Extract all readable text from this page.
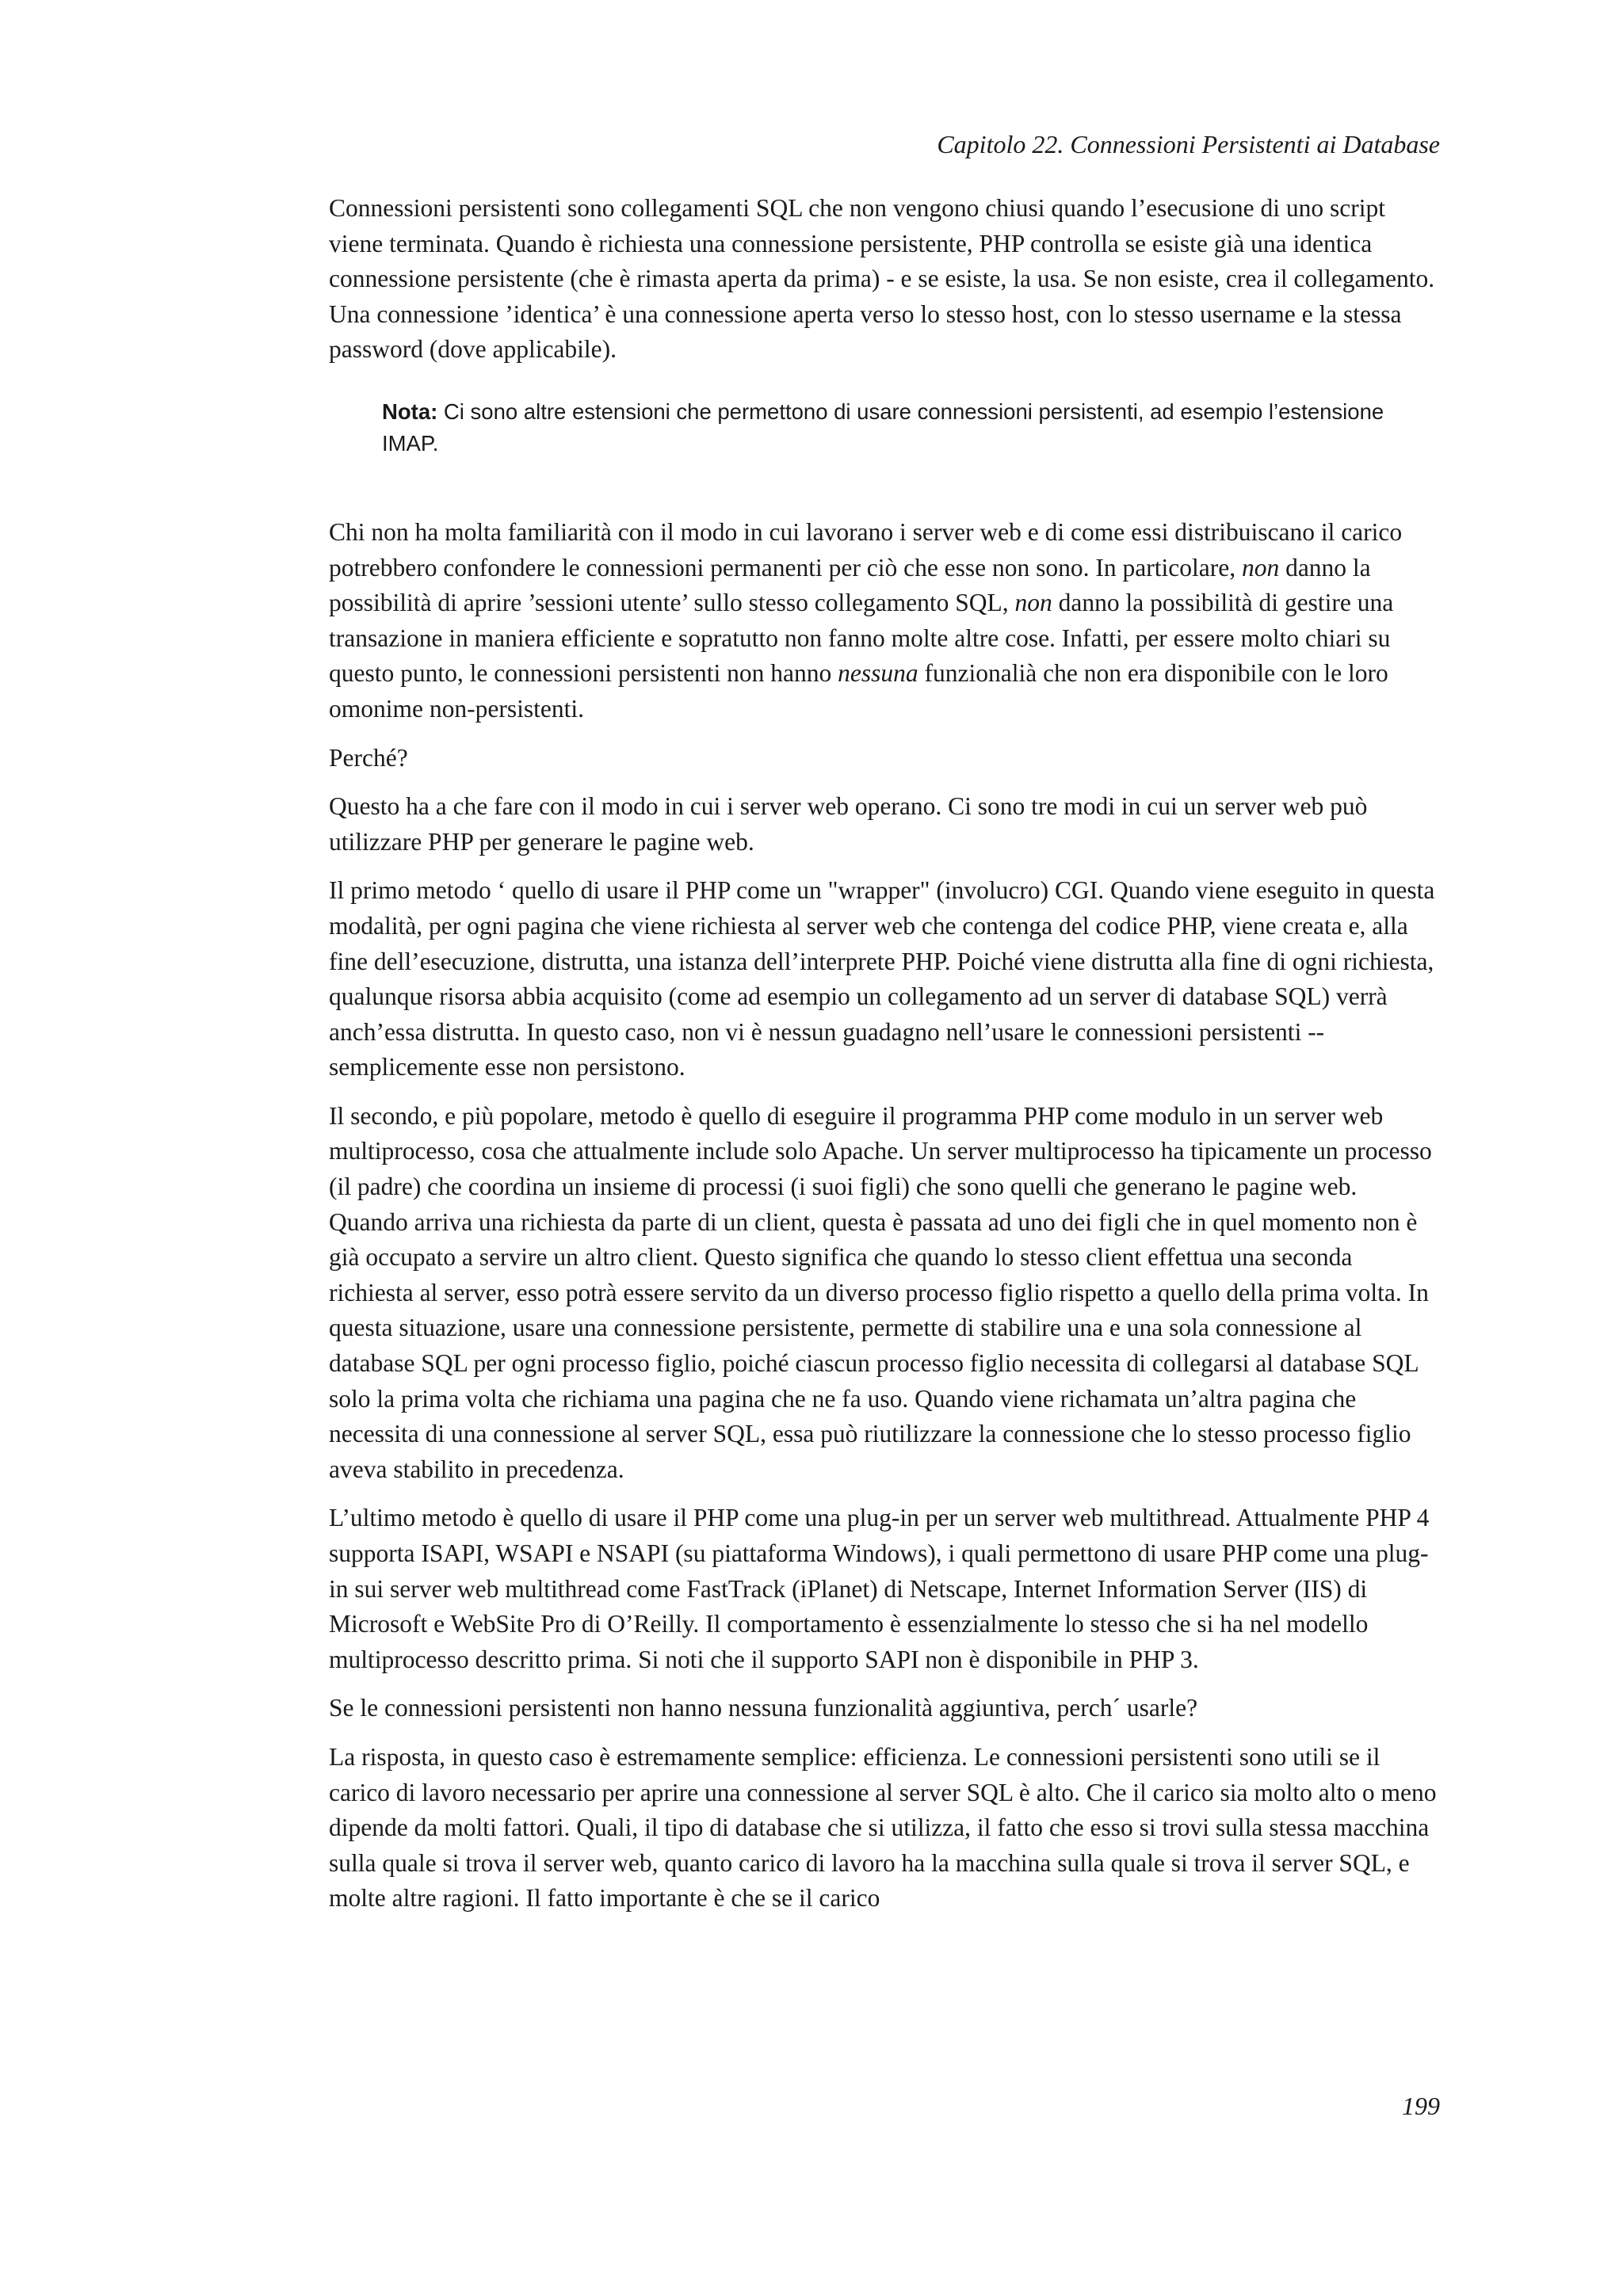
Capitolo 22. Connessioni Persistenti ai Database

Connessioni persistenti sono collegamenti SQL che non vengono chiusi quando l’esecusione di uno script viene terminata. Quando è richiesta una connessione persistente, PHP controlla se esiste già una identica connessione persistente (che è rimasta aperta da prima) - e se esiste, la usa. Se non esiste, crea il collegamento. Una connessione ’identica’ è una connessione aperta verso lo stesso host, con lo stesso username e la stessa password (dove applicabile).

Nota: Ci sono altre estensioni che permettono di usare connessioni persistenti, ad esempio l’estensione IMAP.

Chi non ha molta familiarità con il modo in cui lavorano i server web e di come essi distribuiscano il carico potrebbero confondere le connessioni permanenti per ciò che esse non sono. In particolare, non danno la possibilità di aprire ’sessioni utente’ sullo stesso collegamento SQL, non danno la possibilità di gestire una transazione in maniera efficiente e sopratutto non fanno molte altre cose. Infatti, per essere molto chiari su questo punto, le connessioni persistenti non hanno nessuna funzionalià che non era disponibile con le loro omonime non-persistenti.

Perché?

Questo ha a che fare con il modo in cui i server web operano. Ci sono tre modi in cui un server web può utilizzare PHP per generare le pagine web.

Il primo metodo ‘ quello di usare il PHP come un "wrapper" (involucro) CGI. Quando viene eseguito in questa modalità, per ogni pagina che viene richiesta al server web che contenga del codice PHP, viene creata e, alla fine dell’esecuzione, distrutta, una istanza dell’interprete PHP. Poiché viene distrutta alla fine di ogni richiesta, qualunque risorsa abbia acquisito (come ad esempio un collegamento ad un server di database SQL) verrà anch’essa distrutta. In questo caso, non vi è nessun guadagno nell’usare le connessioni persistenti -- semplicemente esse non persistono.

Il secondo, e più popolare, metodo è quello di eseguire il programma PHP come modulo in un server web multiprocesso, cosa che attualmente include solo Apache. Un server multiprocesso ha tipicamente un processo (il padre) che coordina un insieme di processi (i suoi figli) che sono quelli che generano le pagine web. Quando arriva una richiesta da parte di un client, questa è passata ad uno dei figli che in quel momento non è già occupato a servire un altro client. Questo significa che quando lo stesso client effettua una seconda richiesta al server, esso potrà essere servito da un diverso processo figlio rispetto a quello della prima volta. In questa situazione, usare una connessione persistente, permette di stabilire una e una sola connessione al database SQL per ogni processo figlio, poiché ciascun processo figlio necessita di collegarsi al database SQL solo la prima volta che richiama una pagina che ne fa uso. Quando viene richamata un’altra pagina che necessita di una connessione al server SQL, essa può riutilizzare la connessione che lo stesso processo figlio aveva stabilito in precedenza.

L’ultimo metodo è quello di usare il PHP come una plug-in per un server web multithread. Attualmente PHP 4 supporta ISAPI, WSAPI e NSAPI (su piattaforma Windows), i quali permettono di usare PHP come una plug-in sui server web multithread come FastTrack (iPlanet) di Netscape, Internet Information Server (IIS) di Microsoft e WebSite Pro di O’Reilly. Il comportamento è essenzialmente lo stesso che si ha nel modello multiprocesso descritto prima. Si noti che il supporto SAPI non è disponibile in PHP 3.

Se le connessioni persistenti non hanno nessuna funzionalità aggiuntiva, perch´ usarle?

La risposta, in questo caso è estremamente semplice: efficienza. Le connessioni persistenti sono utili se il carico di lavoro necessario per aprire una connessione al server SQL è alto. Che il carico sia molto alto o meno dipende da molti fattori. Quali, il tipo di database che si utilizza, il fatto che esso si trovi sulla stessa macchina sulla quale si trova il server web, quanto carico di lavoro ha la macchina sulla quale si trova il server SQL, e molte altre ragioni. Il fatto importante è che se il carico

199
